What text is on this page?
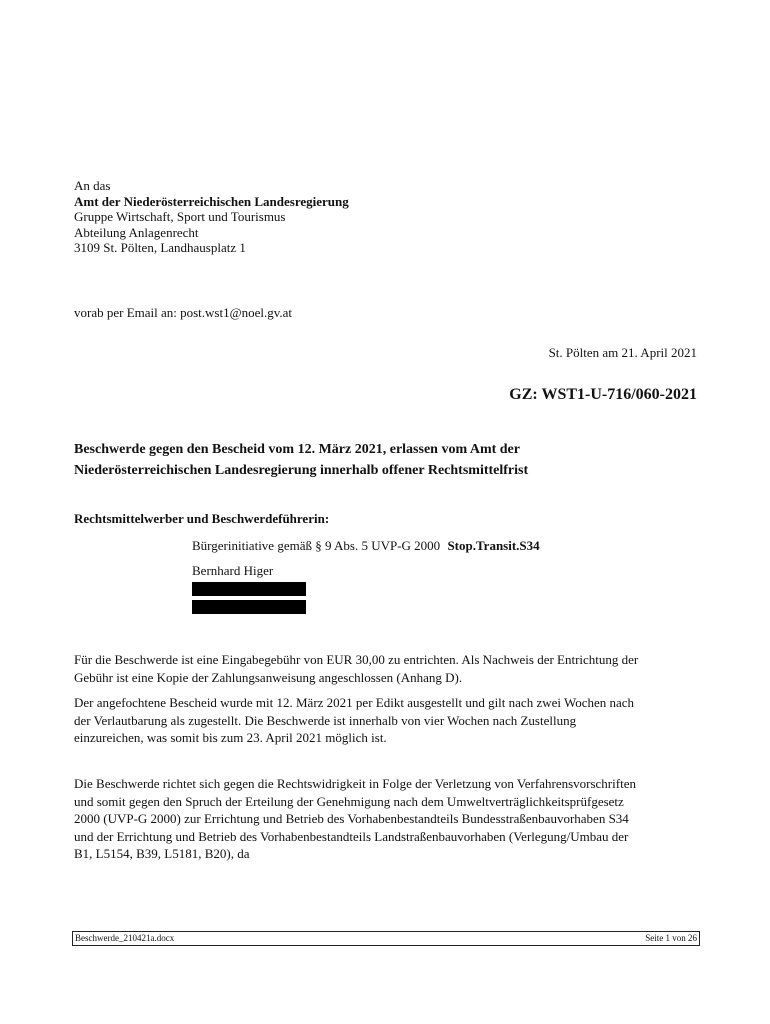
An das
Amt der Niederösterreichischen Landesregierung
Gruppe Wirtschaft, Sport und Tourismus
Abteilung Anlagenrecht
3109 St. Pölten, Landhausplatz 1
vorab per Email an: post.wst1@noel.gv.at
St. Pölten am 21. April 2021
GZ: WST1-U-716/060-2021
Beschwerde gegen den Bescheid vom 12. März 2021, erlassen vom Amt der
Niederösterreichischen Landesregierung innerhalb offener Rechtsmittelfrist
Rechtsmittelwerber und Beschwerdeführerin:
Bürgerinitiative gemäß § 9 Abs. 5 UVP-G 2000 Stop.Transit.S34
Bernhard Higer
Für die Beschwerde ist eine Eingabegebühr von EUR 30,00 zu entrichten. Als Nachweis der Entrichtung der
Gebühr ist eine Kopie der Zahlungsanweisung angeschlossen (Anhang D).
Der angefochtene Bescheid wurde mit 12. März 2021 per Edikt ausgestellt und gilt nach zwei Wochen nach
der Verlautbarung als zugestellt. Die Beschwerde ist innerhalb von vier Wochen nach Zustellung
einzureichen, was somit bis zum 23. April 2021 möglich ist.
Die Beschwerde richtet sich gegen die Rechtswidrigkeit in Folge der Verletzung von Verfahrensvorschriften
und somit gegen den Spruch der Erteilung der Genehmigung nach dem Umweltverträglichkeitsprüfgesetz
2000 (UVP-G 2000) zur Errichtung und Betrieb des Vorhabenbestandteils Bundesstraßenbauvorhaben S34
und der Errichtung und Betrieb des Vorhabenbestandteils Landstraßenbauvorhaben (Verlegung/Umbau der
B1, L5154, B39, L5181, B20), da
Beschwerde_210421a.docx	Seite 1 von 26
